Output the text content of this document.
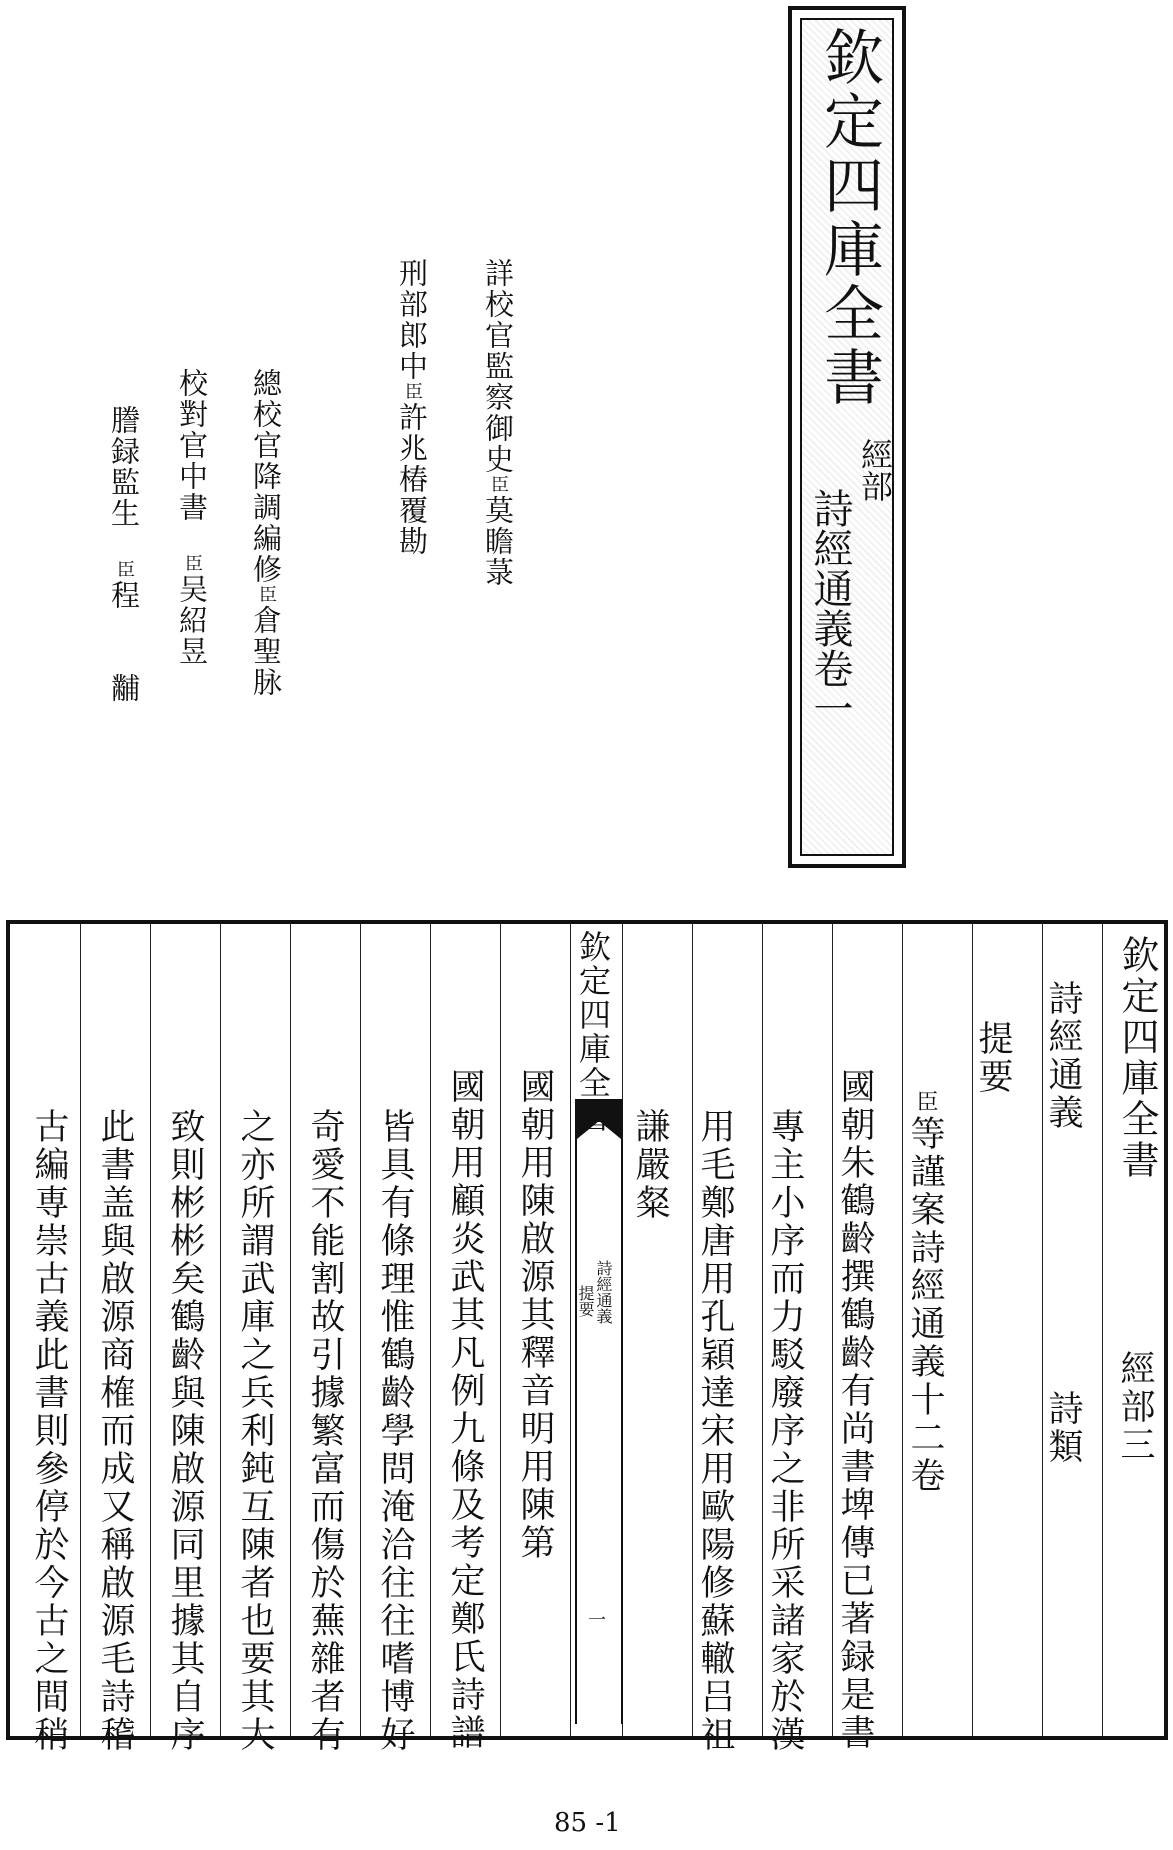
欽定四庫全書
經部
詩經通義卷一
詳校官監察御史臣莫瞻菉
刑部郎中臣許兆椿覆勘
總校官降調編修臣倉聖脉
校對官中書　臣吴紹昱
謄録監生　臣程　　黼
欽定四庫全書
經部三
詩經通義
詩類
提要
臣等謹案詩經通義十二卷
國朝朱鶴齡撰鶴齡有尚書埤傳已著録是書
專主小序而力駁廢序之非所采諸家於漢
用毛鄭唐用孔穎達宋用歐陽修蘇轍吕祖
謙嚴粲
欽定四庫全書
詩經通義
提要
一
國朝用陳啟源其釋音明用陳第
國朝用顧炎武其凡例九條及考定鄭氏詩譜
皆具有條理惟鶴齡學問淹洽往往嗜博好
奇愛不能割故引據繁富而傷於蕪雜者有
之亦所謂武庫之兵利鈍互陳者也要其大
致則彬彬矣鶴齡與陳啟源同里據其自序
此書盖與啟源商榷而成又稱啟源毛詩稽
古編専崇古義此書則參停於今古之間稍
85 -1
